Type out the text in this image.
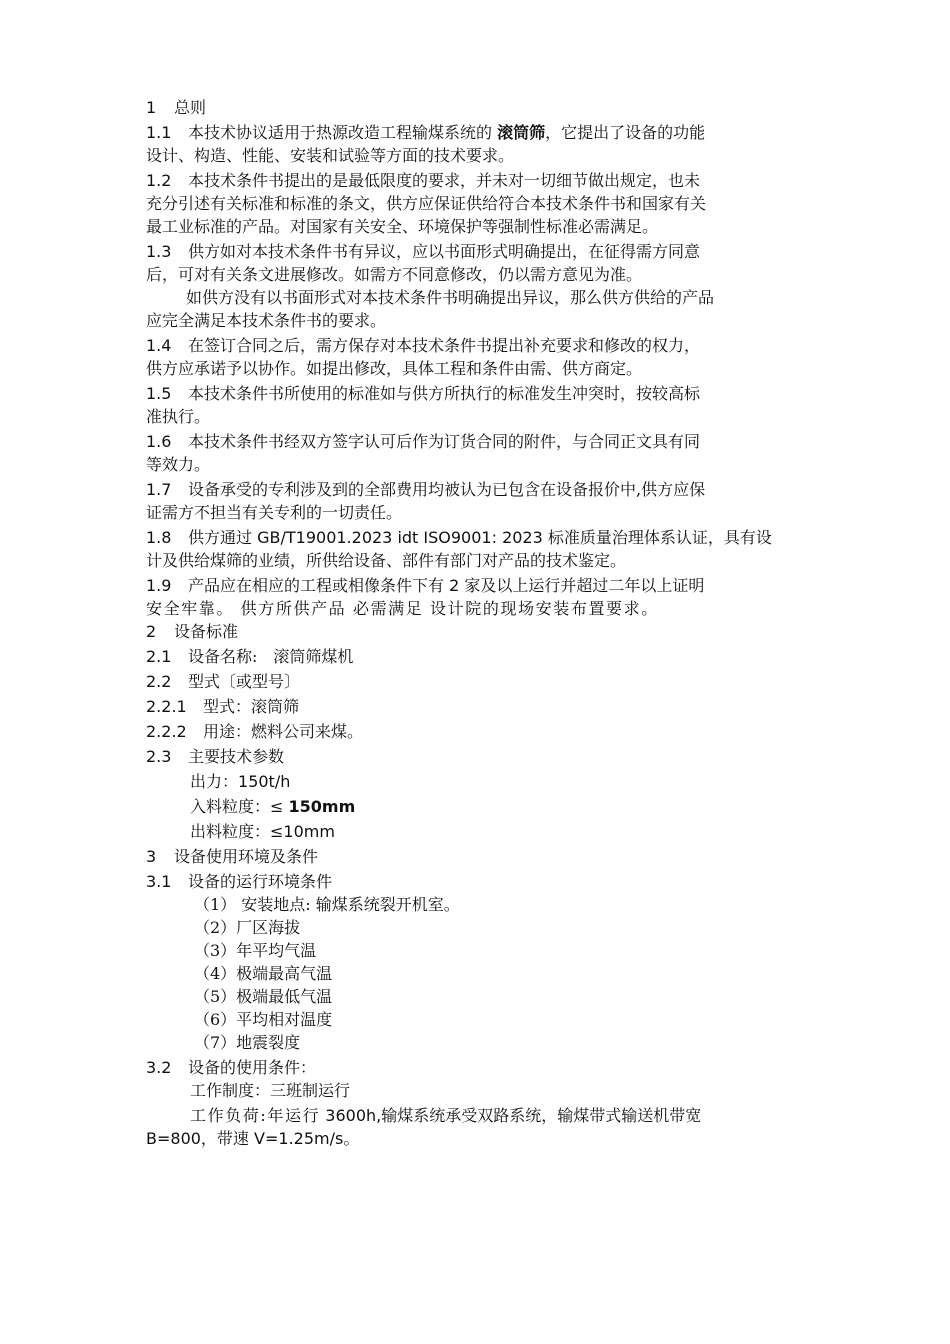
1 总则
1.1 本技术协议适用于热源改造工程输煤系统的 滚筒筛，它提出了设备的功能
设计、构造、性能、安装和试验等方面的技术要求。
1.2 本技术条件书提出的是最低限度的要求，并未对一切细节做出规定，也未
充分引述有关标准和标准的条文，供方应保证供给符合本技术条件书和国家有关
最工业标准的产品。对国家有关安全、环境保护等强制性标准必需满足。
1.3 供方如对本技术条件书有异议，应以书面形式明确提出，在征得需方同意
后，可对有关条文进展修改。如需方不同意修改，仍以需方意见为准。
如供方没有以书面形式对本技术条件书明确提出异议，那么供方供给的产品
应完全满足本技术条件书的要求。
1.4 在签订合同之后，需方保存对本技术条件书提出补充要求和修改的权力，
供方应承诺予以协作。如提出修改，具体工程和条件由需、供方商定。
1.5 本技术条件书所使用的标准如与供方所执行的标准发生冲突时，按较高标
准执行。
1.6 本技术条件书经双方签字认可后作为订货合同的附件，与合同正文具有同
等效力。
1.7 设备承受的专利涉及到的全部费用均被认为已包含在设备报价中,供方应保
证需方不担当有关专利的一切责任。
1.8 供方通过 GB/T19001.2023 idt ISO9001: 2023 标准质量治理体系认证，具有设
计及供给煤筛的业绩，所供给设备、部件有部门对产品的技术鉴定。
1.9 产品应在相应的工程或相像条件下有 2 家及以上运行并超过二年以上证明
安全牢靠。 供方所供产品 必需满足 设计院的现场安装布置要求。
2 设备标准
2.1 设备名称:　滚筒筛煤机
2.2 型式〔或型号〕
2.2.1 型式：滚筒筛
2.2.2 用途：燃料公司来煤。
2.3 主要技术参数
出力：150t/h
入料粒度：≤ 150mm
出料粒度：≤10mm
3 设备使用环境及条件
3.1 设备的运行环境条件
（1） 安装地点: 输煤系统裂开机室。
（2）厂区海拔
（3）年平均气温
（4）极端最高气温
（5）极端最低气温
（6）平均相对温度
（7）地震裂度
3.2 设备的使用条件：
工作制度：三班制运行
工作负荷:年运行 3600h,输煤系统承受双路系统，输煤带式输送机带宽
B=800，带速 V=1.25m/s。
